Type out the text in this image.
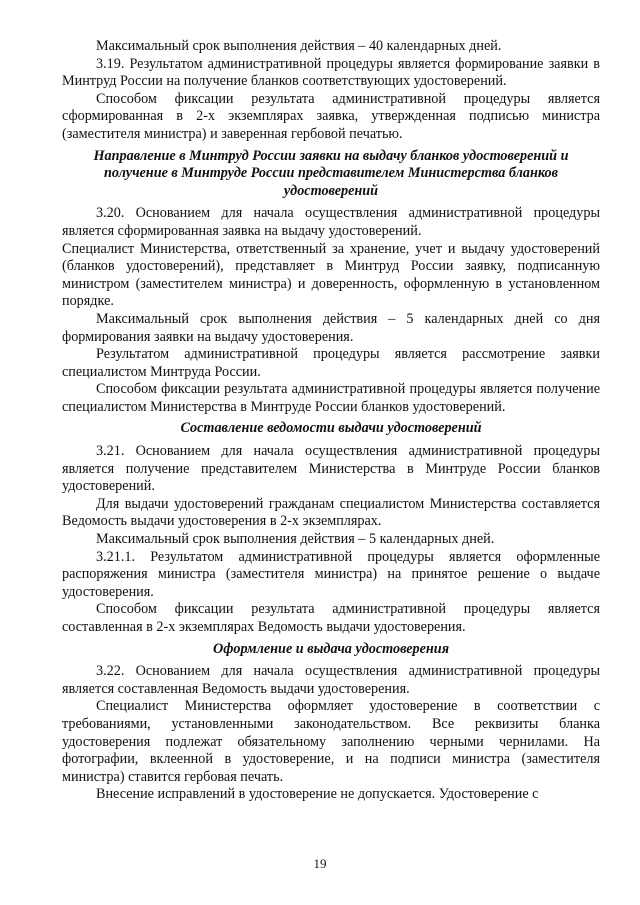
Максимальный срок выполнения действия – 40 календарных дней.

3.19. Результатом административной процедуры является формирование заявки в Минтруд России на получение бланков соответствующих удостоверений.

Способом фиксации результата административной процедуры является сформированная в 2-х экземплярах заявка, утвержденная подписью министра (заместителя министра) и заверенная гербовой печатью.

Направление в Минтруд России заявки на выдачу бланков удостоверений и получение в Минтруде России представителем Министерства бланков удостоверений

3.20. Основанием для начала осуществления административной процедуры является сформированная заявка на выдачу удостоверений.

Специалист Министерства, ответственный за хранение, учет и выдачу удостоверений (бланков удостоверений), представляет в Минтруд России заявку, подписанную министром (заместителем министра) и доверенность, оформленную в установленном порядке.

Максимальный срок выполнения действия – 5 календарных дней со дня формирования заявки на выдачу удостоверения.

Результатом административной процедуры является рассмотрение заявки специалистом Минтруда России.

Способом фиксации результата административной процедуры является получение специалистом Министерства в Минтруде России бланков удостоверений.

Составление ведомости выдачи удостоверений

3.21. Основанием для начала осуществления административной процедуры является получение представителем Министерства в Минтруде России бланков удостоверений.

Для выдачи удостоверений гражданам специалистом Министерства составляется Ведомость выдачи удостоверения в 2-х экземплярах.

Максимальный срок выполнения действия – 5 календарных дней.

3.21.1. Результатом административной процедуры является оформленные распоряжения министра (заместителя министра) на принятое решение о выдаче удостоверения.

Способом фиксации результата административной процедуры является составленная в 2-х экземплярах Ведомость выдачи удостоверения.

Оформление и выдача удостоверения

3.22. Основанием для начала осуществления административной процедуры является составленная Ведомость выдачи удостоверения.

Специалист Министерства оформляет удостоверение в соответствии с требованиями, установленными законодательством. Все реквизиты бланка удостоверения подлежат обязательному заполнению черными чернилами. На фотографии, вклеенной в удостоверение, и на подписи министра (заместителя министра) ставится гербовая печать.

Внесение исправлений в удостоверение не допускается. Удостоверение с

19
